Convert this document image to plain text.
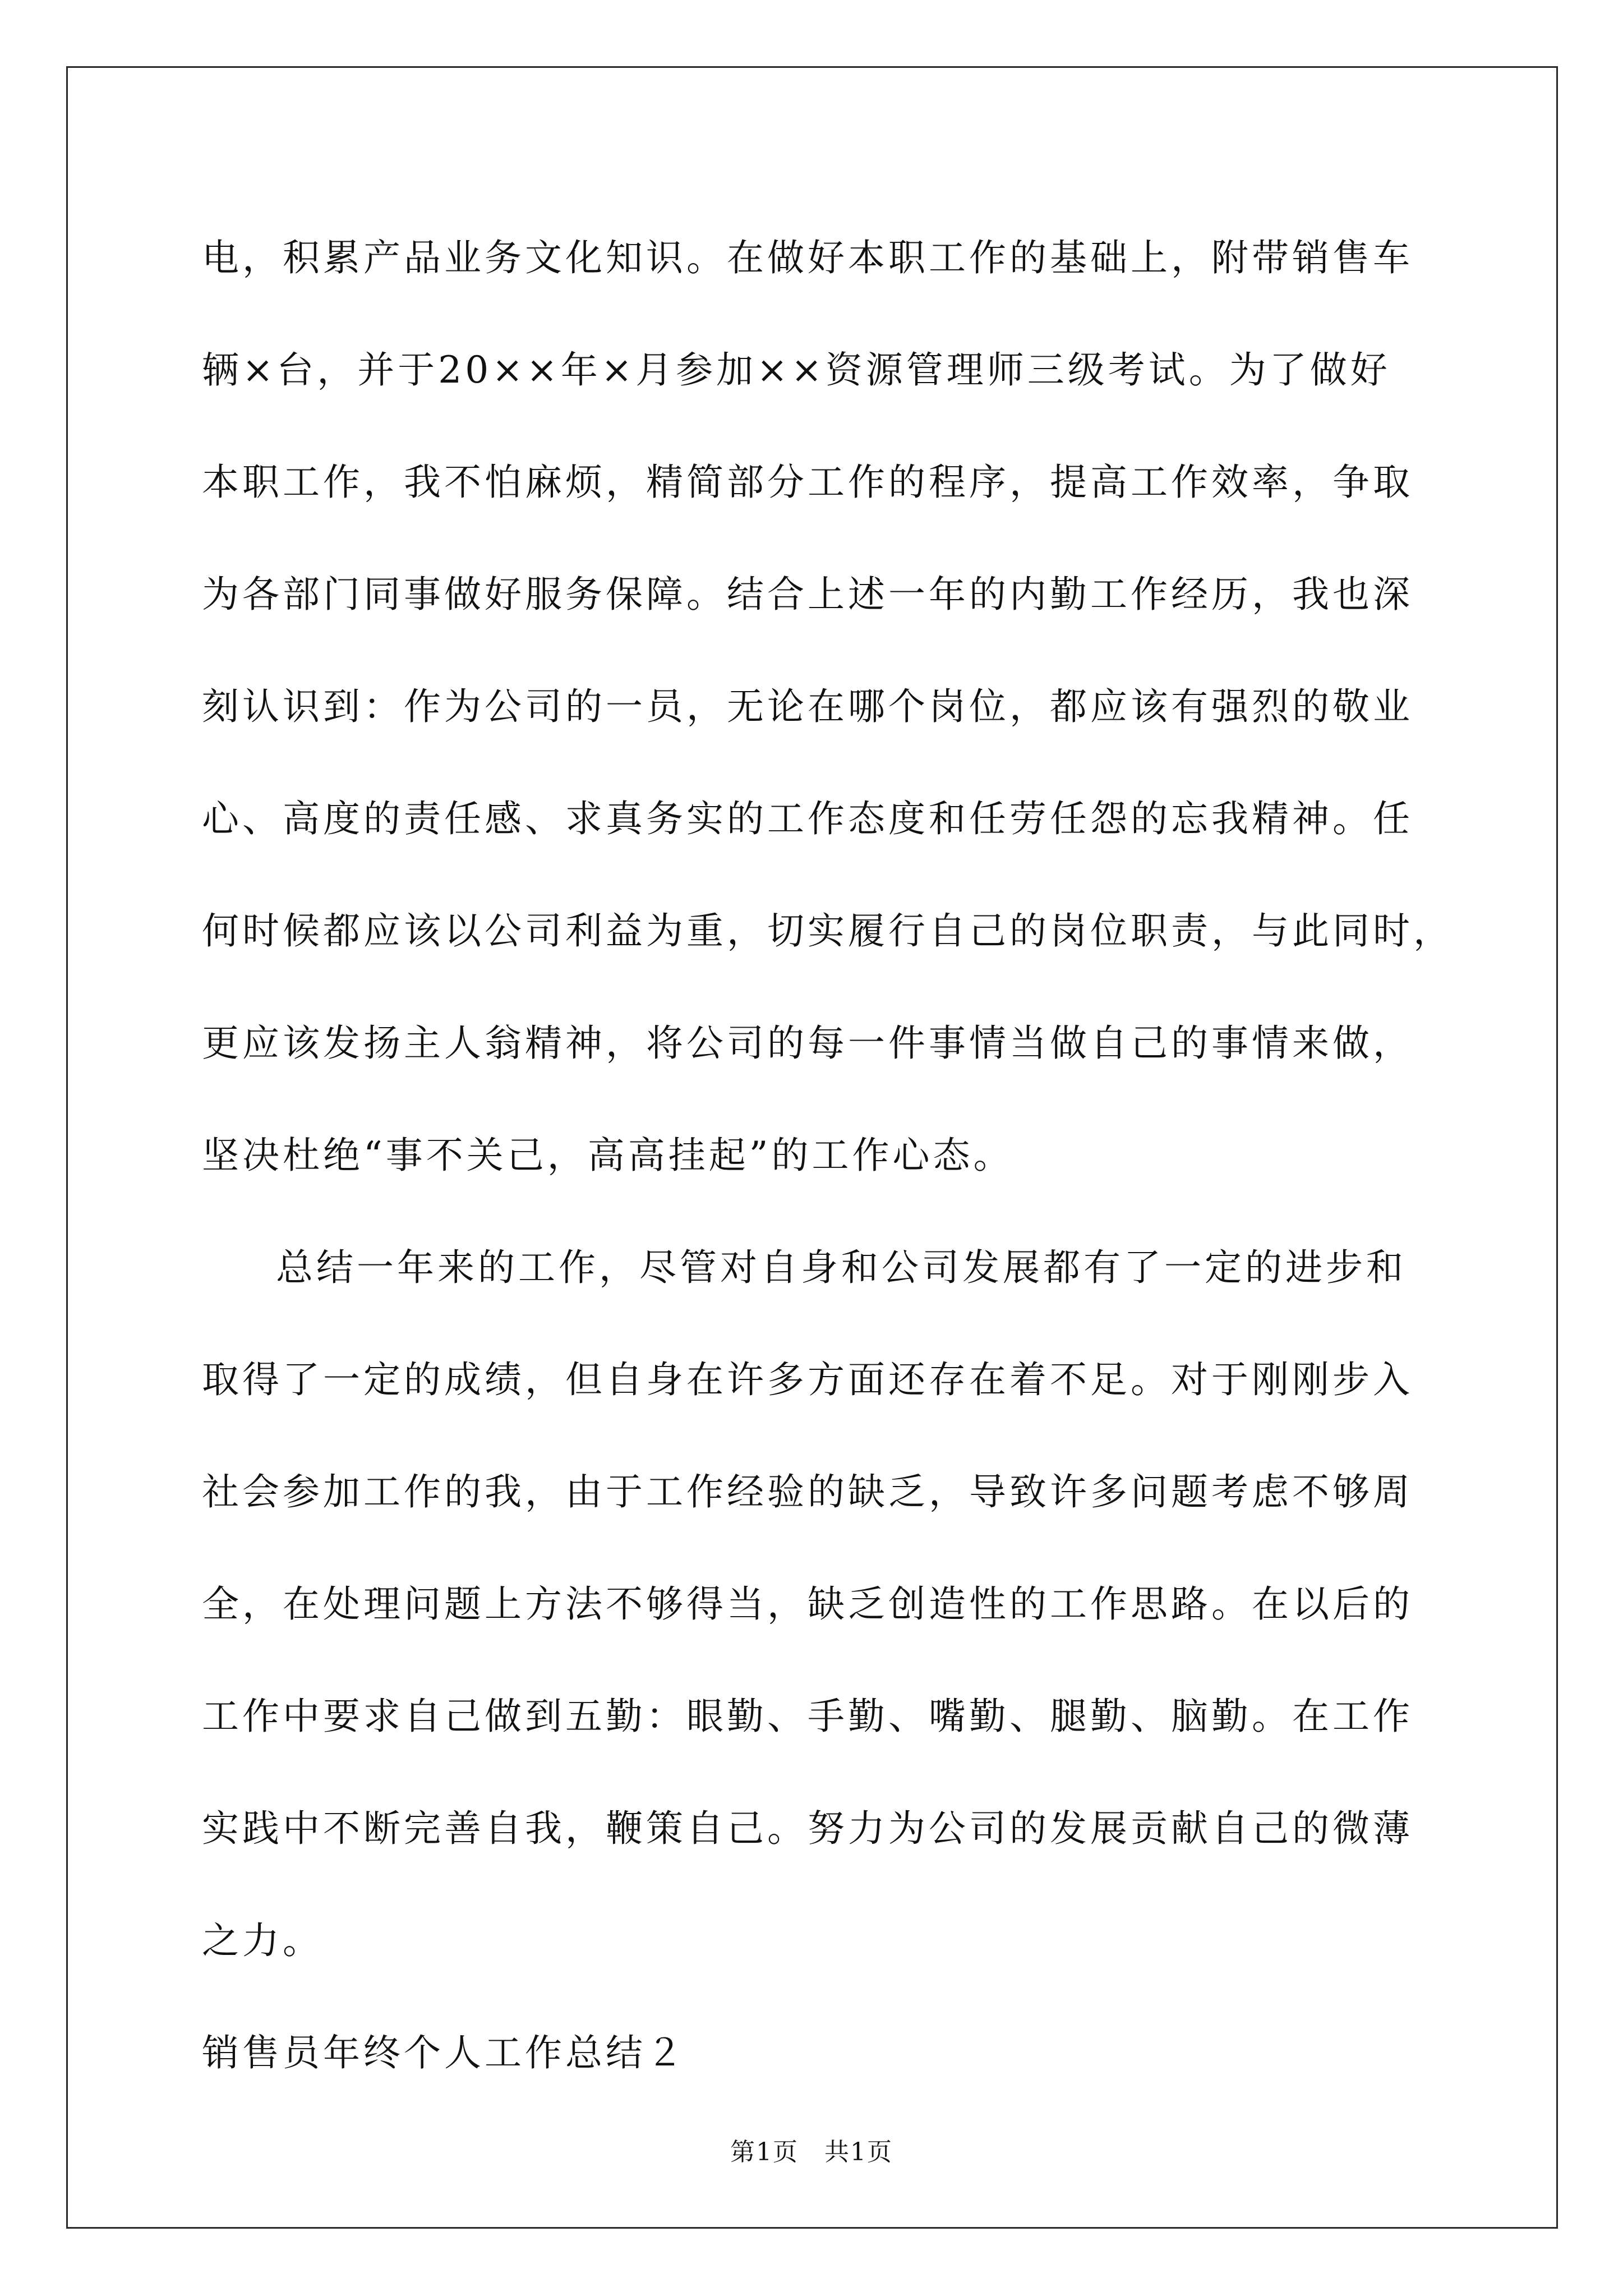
电，积累产品业务文化知识。在做好本职工作的基础上，附带销售车
辆×台，并于20××年×月参加××资源管理师三级考试。为了做好
本职工作，我不怕麻烦，精简部分工作的程序，提高工作效率，争取
为各部门同事做好服务保障。结合上述一年的内勤工作经历，我也深
刻认识到：作为公司的一员，无论在哪个岗位，都应该有强烈的敬业
心、高度的责任感、求真务实的工作态度和任劳任怨的忘我精神。任
何时候都应该以公司利益为重，切实履行自己的岗位职责，与此同时，
更应该发扬主人翁精神，将公司的每一件事情当做自己的事情来做，
坚决杜绝“事不关己，高高挂起”的工作心态。
总结一年来的工作，尽管对自身和公司发展都有了一定的进步和
取得了一定的成绩，但自身在许多方面还存在着不足。对于刚刚步入
社会参加工作的我，由于工作经验的缺乏，导致许多问题考虑不够周
全，在处理问题上方法不够得当，缺乏创造性的工作思路。在以后的
工作中要求自己做到五勤：眼勤、手勤、嘴勤、腿勤、脑勤。在工作
实践中不断完善自我，鞭策自己。努力为公司的发展贡献自己的微薄
之力。
销售员年终个人工作总结２
第1页　共1页
